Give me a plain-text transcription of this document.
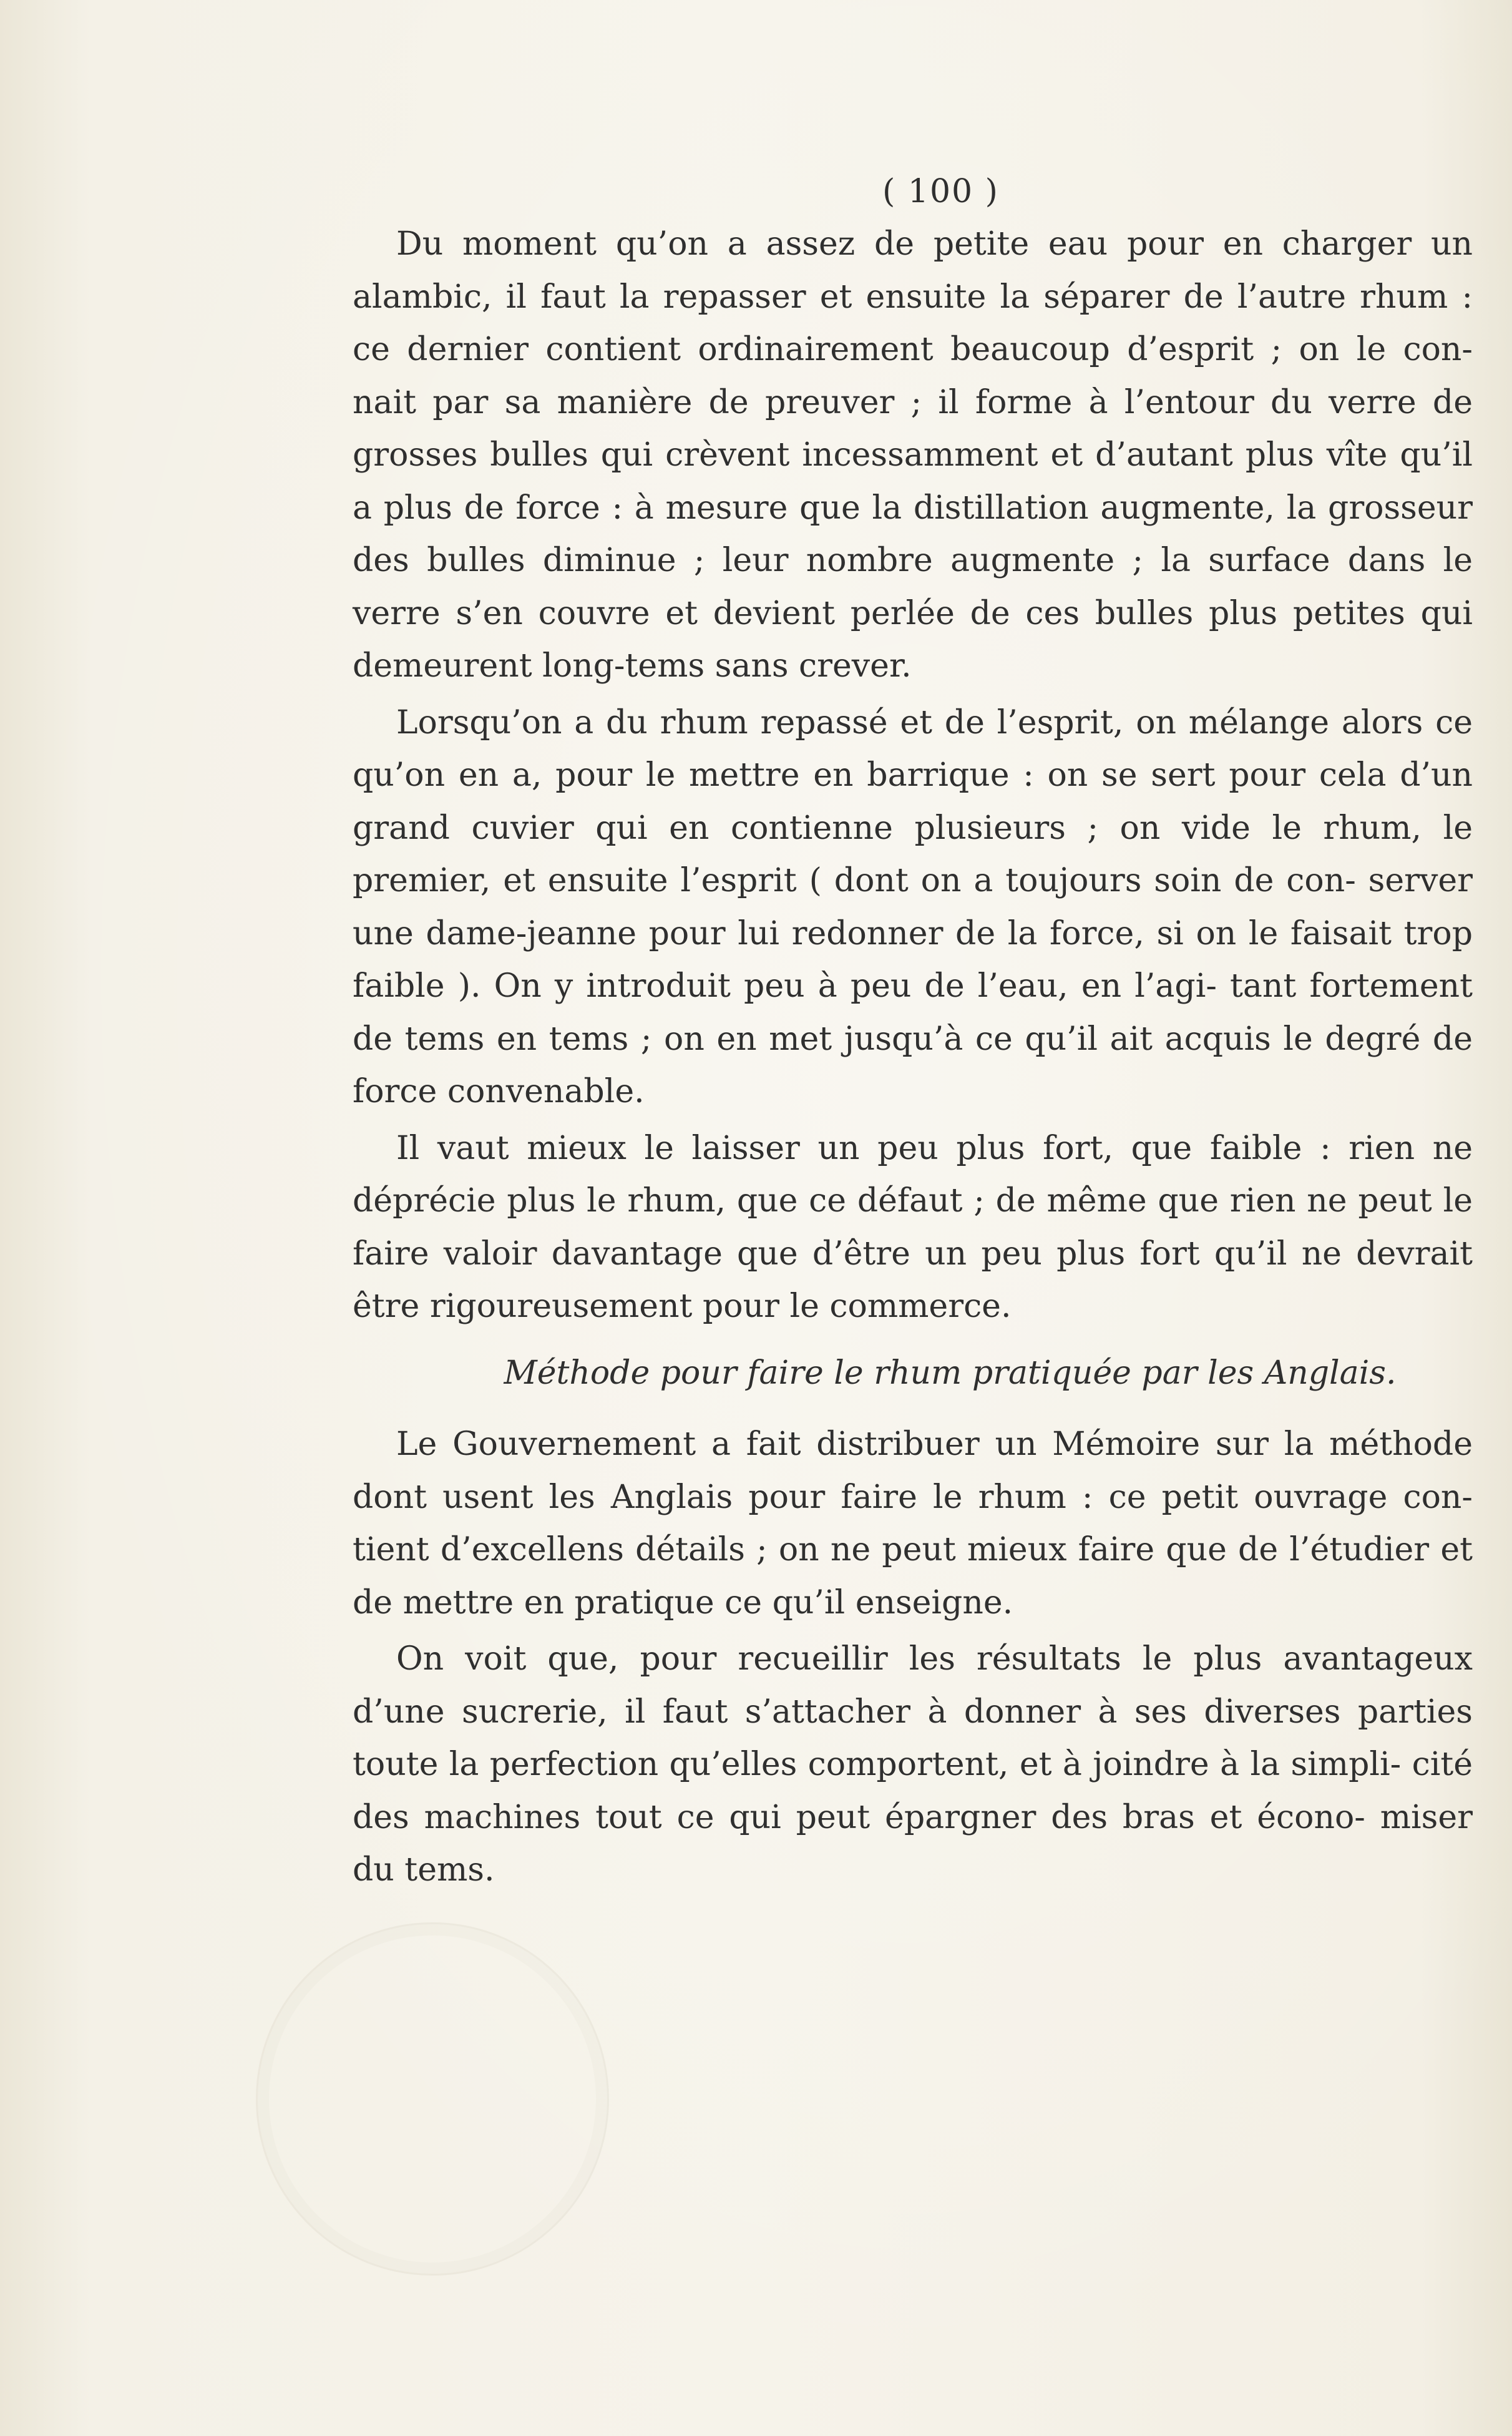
( 100 )

Du moment qu’on a assez de petite eau pour en charger un alambic, il faut la repasser et ensuite la séparer de l’autre rhum : ce dernier contient ordinairement beaucoup d’esprit ; on le con- nait par sa manière de preuver ; il forme à l’entour du verre de grosses bulles qui crèvent incessamment et d’autant plus vîte qu’il a plus de force : à mesure que la distillation augmente, la grosseur des bulles diminue ; leur nombre augmente ; la surface dans le verre s’en couvre et devient perlée de ces bulles plus petites qui demeurent long-tems sans crever.

Lorsqu’on a du rhum repassé et de l’esprit, on mélange alors ce qu’on en a, pour le mettre en barrique : on se sert pour cela d’un grand cuvier qui en contienne plusieurs ; on vide le rhum, le premier, et ensuite l’esprit ( dont on a toujours soin de con- server une dame-jeanne pour lui redonner de la force, si on le faisait trop faible ). On y introduit peu à peu de l’eau, en l’agi- tant fortement de tems en tems ; on en met jusqu’à ce qu’il ait acquis le degré de force convenable.

Il vaut mieux le laisser un peu plus fort, que faible : rien ne déprécie plus le rhum, que ce défaut ; de même que rien ne peut le faire valoir davantage que d’être un peu plus fort qu’il ne devrait être rigoureusement pour le commerce.

Méthode pour faire le rhum pratiquée par les Anglais.

Le Gouvernement a fait distribuer un Mémoire sur la méthode dont usent les Anglais pour faire le rhum : ce petit ouvrage con- tient d’excellens détails ; on ne peut mieux faire que de l’étudier et de mettre en pratique ce qu’il enseigne.

On voit que, pour recueillir les résultats le plus avantageux d’une sucrerie, il faut s’attacher à donner à ses diverses parties toute la perfection qu’elles comportent, et à joindre à la simpli- cité des machines tout ce qui peut épargner des bras et écono- miser du tems.
